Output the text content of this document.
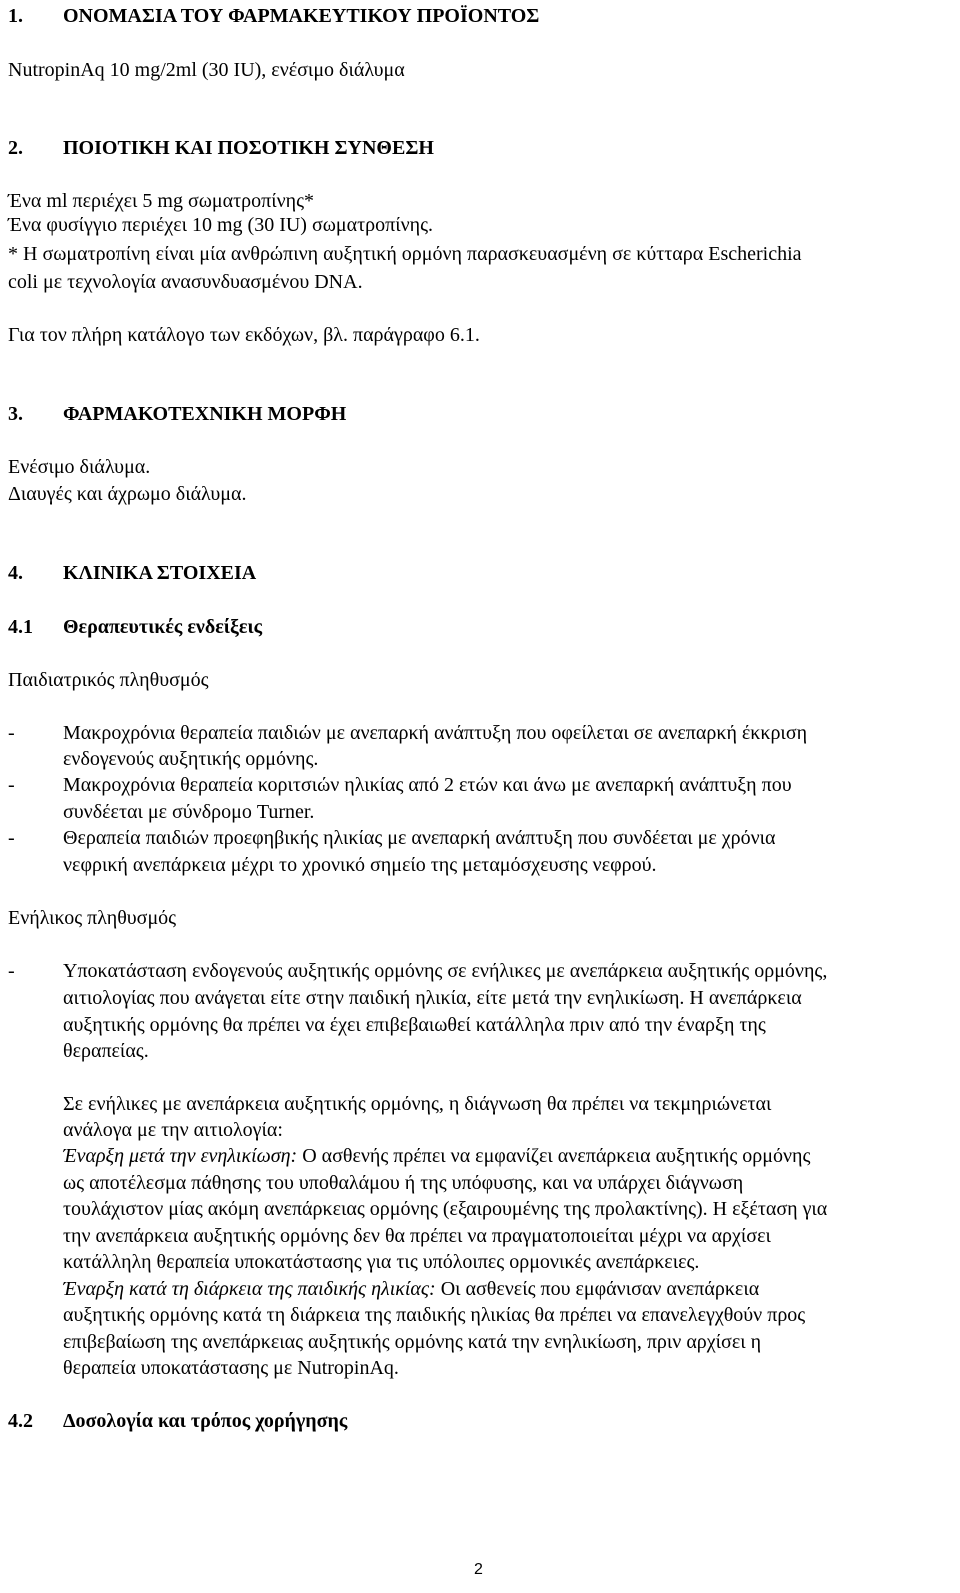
1. ΟΝΟΜΑΣΙΑ ΤΟΥ ΦΑΡΜΑΚΕΥΤΙΚΟΥ ΠΡΟΪΟΝΤΟΣ
NutropinAq 10 mg/2ml (30 IU), ενέσιμο διάλυμα
2. ΠΟΙΟΤΙΚΗ ΚΑΙ ΠΟΣΟΤΙΚΗ ΣΥΝΘΕΣΗ
Ένα ml περιέχει 5 mg σωματροπίνης*
Ένα φυσίγγιο περιέχει 10 mg (30 IU) σωματροπίνης.
* Η σωματροπίνη είναι μία ανθρώπινη αυξητική ορμόνη παρασκευασμένη σε κύτταρα Escherichia
coli με τεχνολογία ανασυνδυασμένου DNA.
Για τον πλήρη κατάλογο των εκδόχων, βλ. παράγραφο 6.1.
3. ΦΑΡΜΑΚΟΤΕΧΝΙΚΗ ΜΟΡΦΗ
Ενέσιμο διάλυμα.
Διαυγές και άχρωμο διάλυμα.
4. ΚΛΙΝΙΚΑ ΣΤΟΙΧΕΙΑ
4.1 Θεραπευτικές ενδείξεις
Παιδιατρικός πληθυσμός
- Μακροχρόνια θεραπεία παιδιών με ανεπαρκή ανάπτυξη που οφείλεται σε ανεπαρκή έκκριση
ενδογενούς αυξητικής ορμόνης.
- Μακροχρόνια θεραπεία κοριτσιών ηλικίας από 2 ετών και άνω με ανεπαρκή ανάπτυξη που
συνδέεται με σύνδρομο Turner.
- Θεραπεία παιδιών προεφηβικής ηλικίας με ανεπαρκή ανάπτυξη που συνδέεται με χρόνια
νεφρική ανεπάρκεια μέχρι το χρονικό σημείο της μεταμόσχευσης νεφρού.
Ενήλικος πληθυσμός
- Υποκατάσταση ενδογενούς αυξητικής ορμόνης σε ενήλικες με ανεπάρκεια αυξητικής ορμόνης,
αιτιολογίας που ανάγεται είτε στην παιδική ηλικία, είτε μετά την ενηλικίωση. Η ανεπάρκεια
αυξητικής ορμόνης θα πρέπει να έχει επιβεβαιωθεί κατάλληλα πριν από την έναρξη της
θεραπείας.
Σε ενήλικες με ανεπάρκεια αυξητικής ορμόνης, η διάγνωση θα πρέπει να τεκμηριώνεται
ανάλογα με την αιτιολογία:
Έναρξη μετά την ενηλικίωση: Ο ασθενής πρέπει να εμφανίζει ανεπάρκεια αυξητικής ορμόνης
ως αποτέλεσμα πάθησης του υποθαλάμου ή της υπόφυσης, και να υπάρχει διάγνωση
τουλάχιστον μίας ακόμη ανεπάρκειας ορμόνης (εξαιρουμένης της προλακτίνης). Η εξέταση για
την ανεπάρκεια αυξητικής ορμόνης δεν θα πρέπει να πραγματοποιείται μέχρι να αρχίσει
κατάλληλη θεραπεία υποκατάστασης για τις υπόλοιπες ορμονικές ανεπάρκειες.
Έναρξη κατά τη διάρκεια της παιδικής ηλικίας: Οι ασθενείς που εμφάνισαν ανεπάρκεια
αυξητικής ορμόνης κατά τη διάρκεια της παιδικής ηλικίας θα πρέπει να επανελεγχθούν προς
επιβεβαίωση της ανεπάρκειας αυξητικής ορμόνης κατά την ενηλικίωση, πριν αρχίσει η
θεραπεία υποκατάστασης με NutropinAq.
4.2 Δοσολογία και τρόπος χορήγησης
2
